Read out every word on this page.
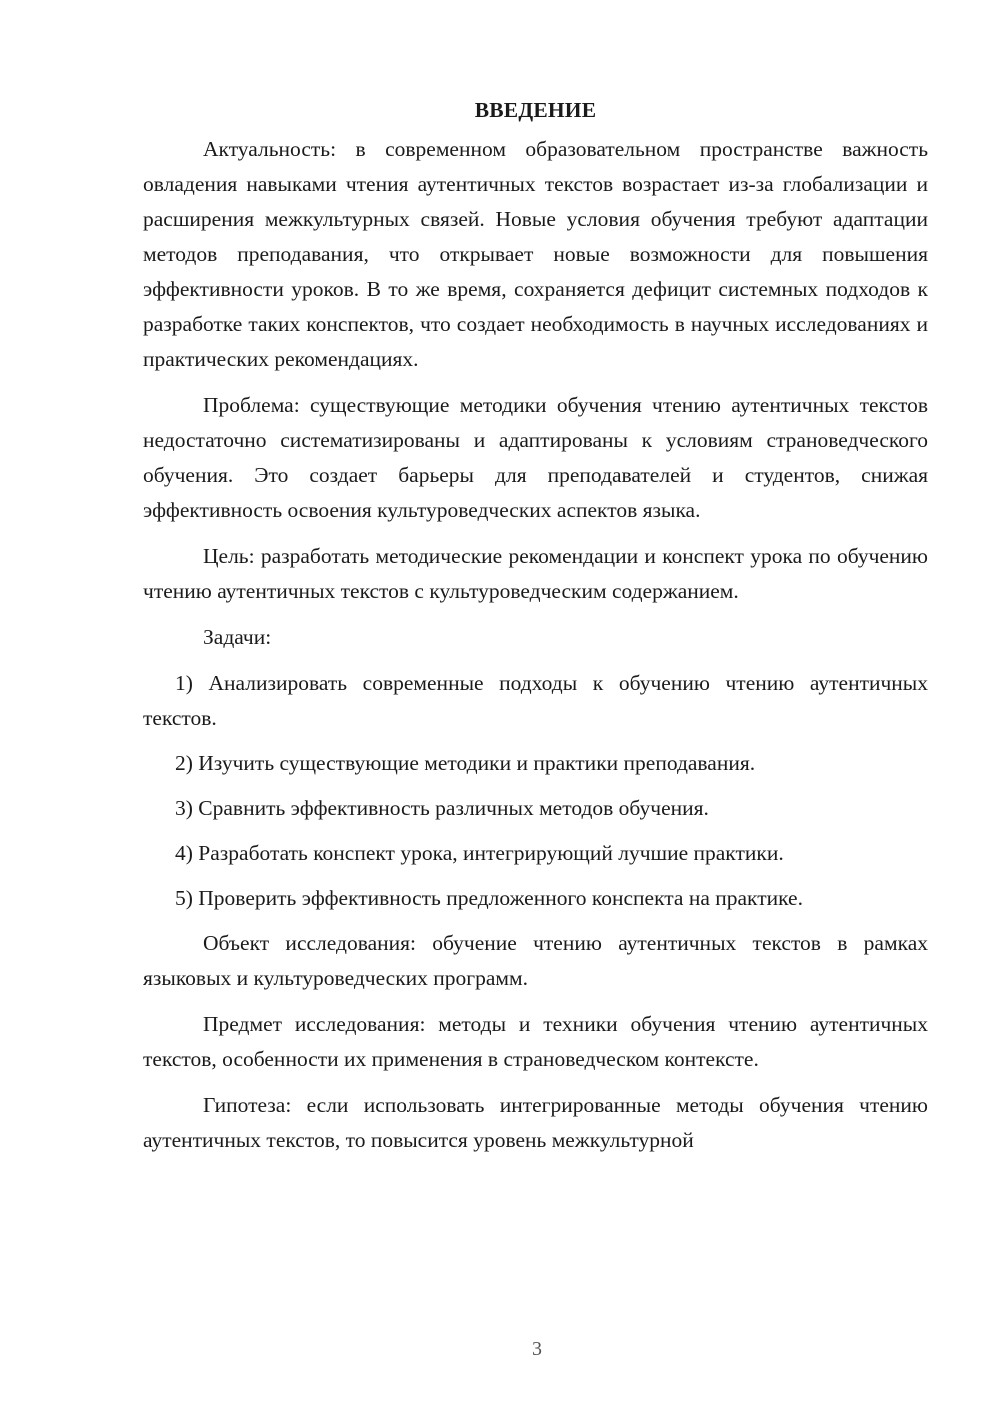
ВВЕДЕНИЕ

Актуальность: в современном образовательном пространстве важность овладения навыками чтения аутентичных текстов возрастает из-за глобализации и расширения межкультурных связей. Новые условия обучения требуют адаптации методов преподавания, что открывает новые возможности для повышения эффективности уроков. В то же время, сохраняется дефицит системных подходов к разработке таких конспектов, что создает необходимость в научных исследованиях и практических рекомендациях.

Проблема: существующие методики обучения чтению аутентичных текстов недостаточно систематизированы и адаптированы к условиям страноведческого обучения. Это создает барьеры для преподавателей и студентов, снижая эффективность освоения культуроведческих аспектов языка.

Цель: разработать методические рекомендации и конспект урока по обучению чтению аутентичных текстов с культуроведческим содержанием.

Задачи:

1) Анализировать современные подходы к обучению чтению аутентичных текстов.

2) Изучить существующие методики и практики преподавания.

3) Сравнить эффективность различных методов обучения.

4) Разработать конспект урока, интегрирующий лучшие практики.

5) Проверить эффективность предложенного конспекта на практике.

Объект исследования: обучение чтению аутентичных текстов в рамках языковых и культуроведческих программ.

Предмет исследования: методы и техники обучения чтению аутентичных текстов, особенности их применения в страноведческом контексте.

Гипотеза: если использовать интегрированные методы обучения чтению аутентичных текстов, то повысится уровень межкультурной

3
